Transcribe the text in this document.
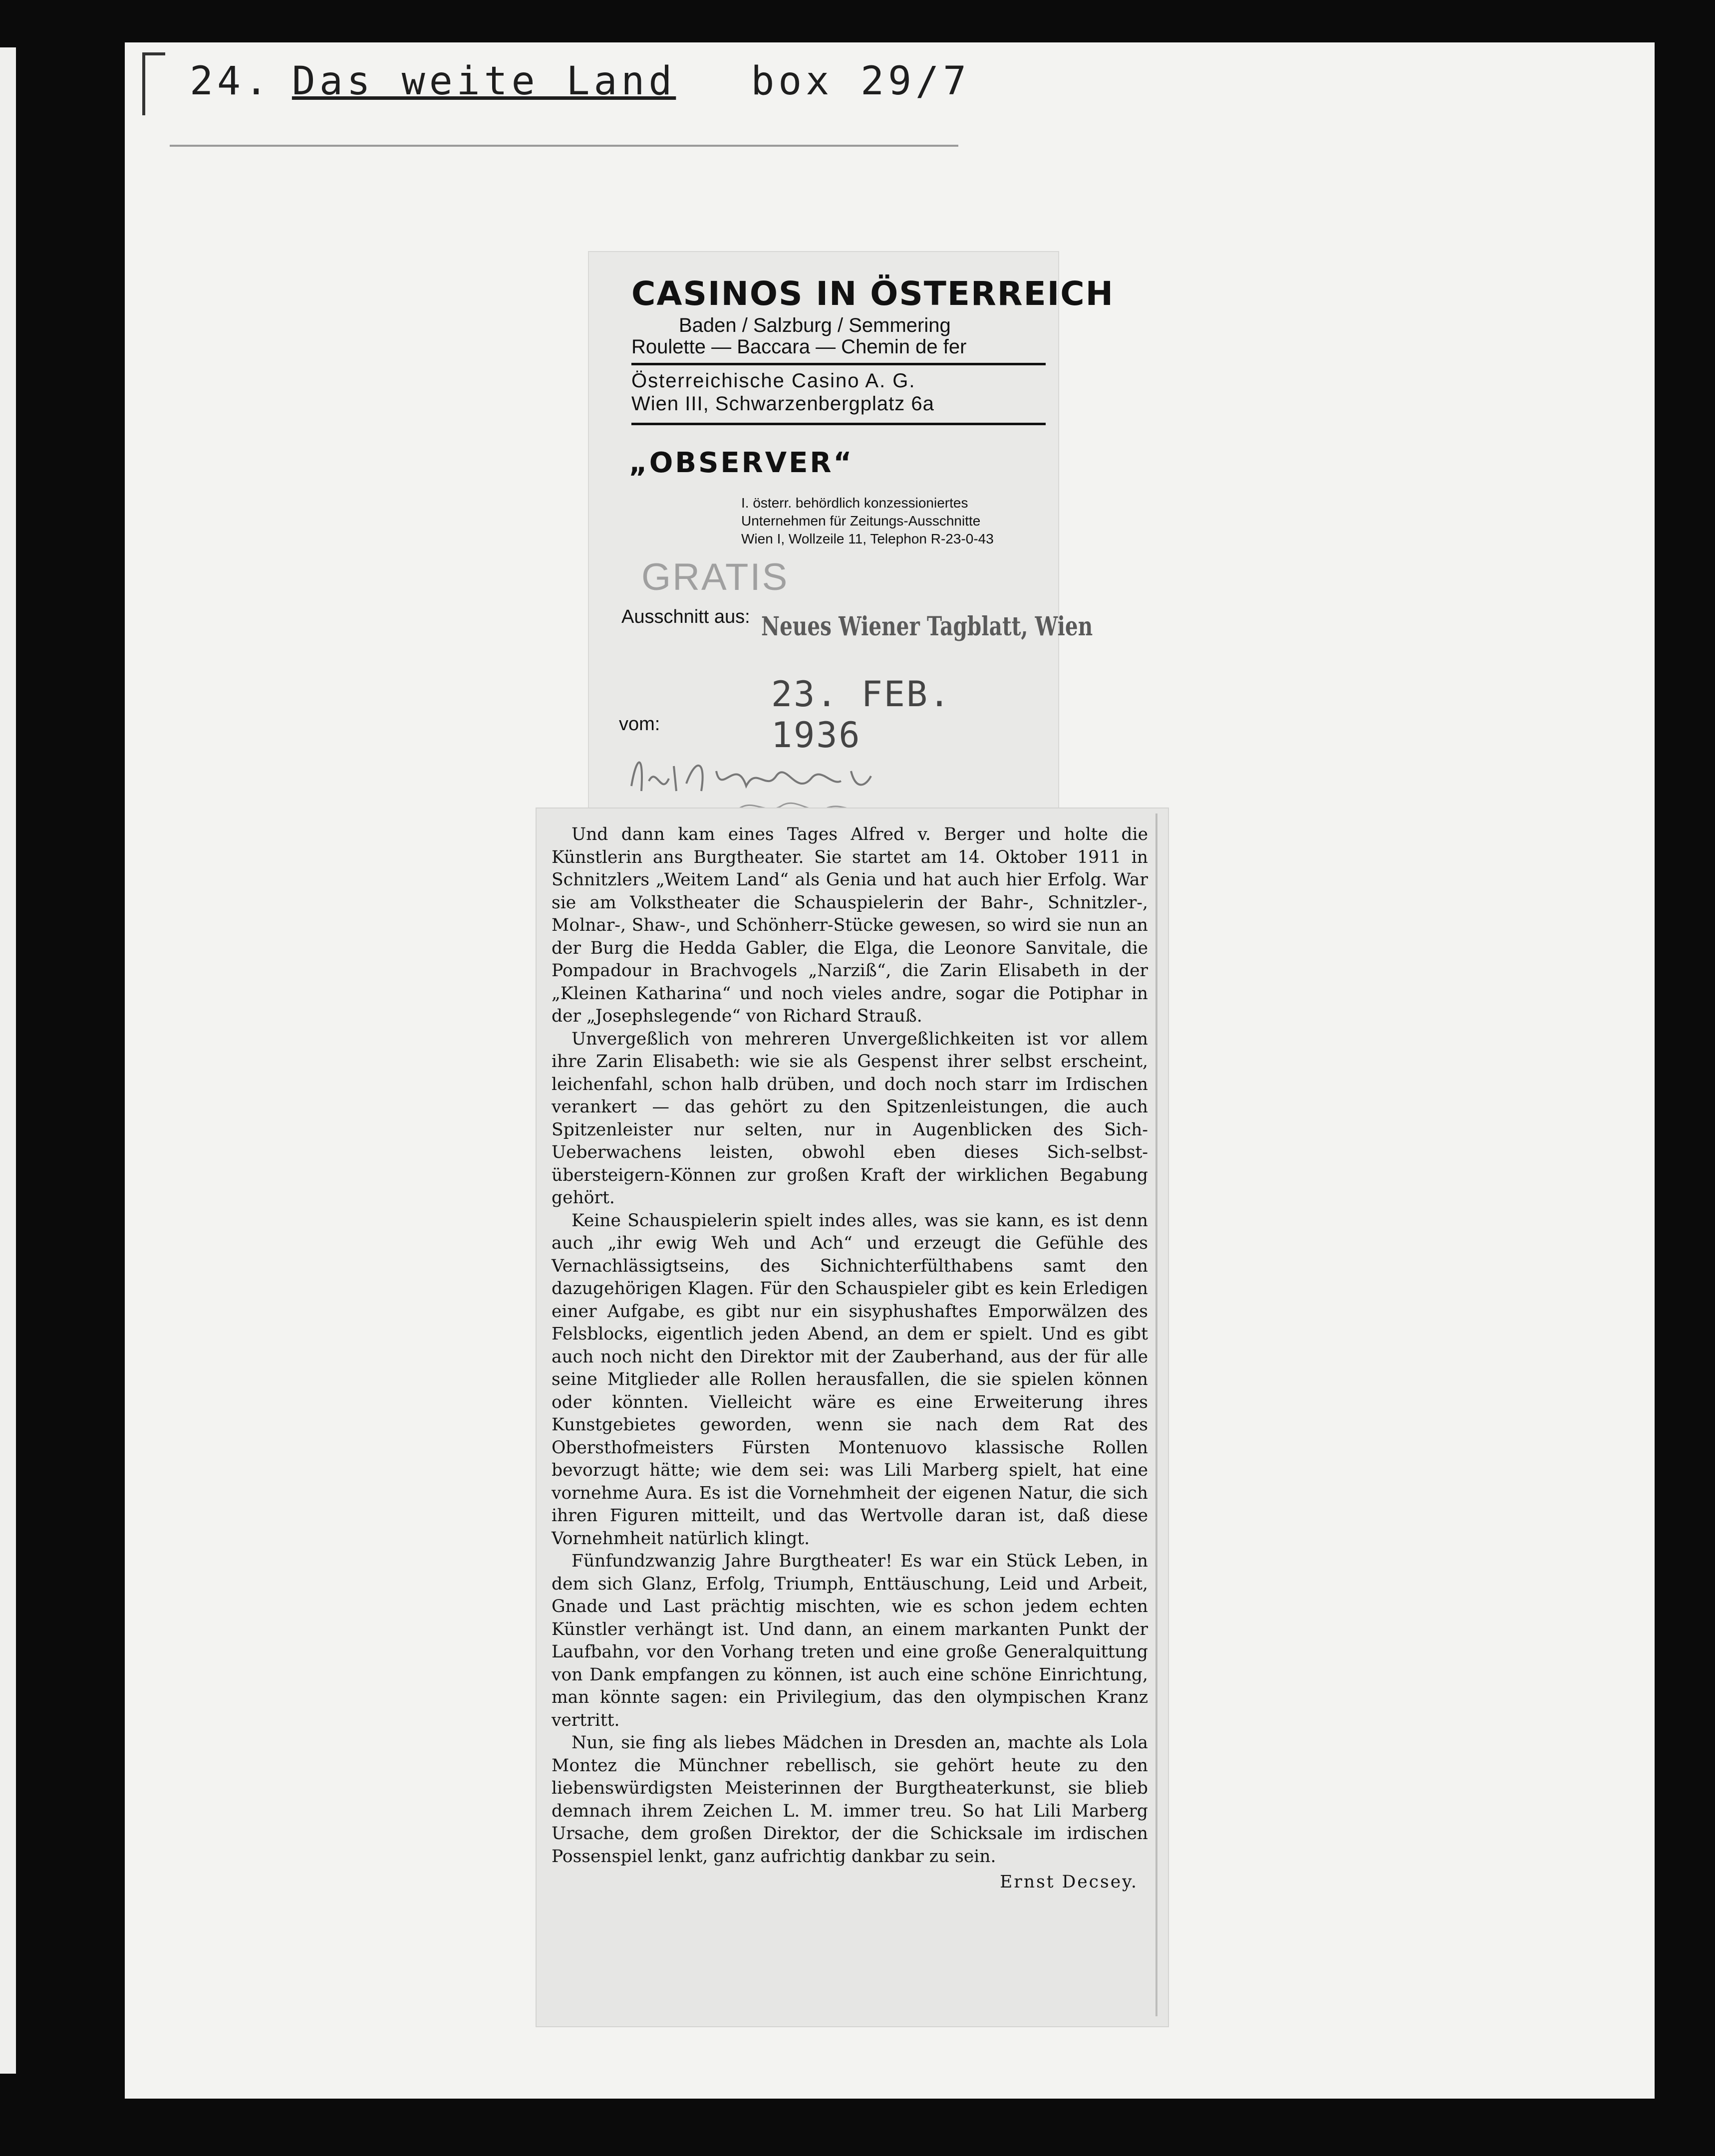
24. Das weite Land box 29/7
CASINOS IN ÖSTERREICH
Baden / Salzburg / Semmering
Roulette — Baccara — Chemin de fer
Österreichische Casino A. G.
Wien III, Schwarzenbergplatz 6a
„OBSERVER“
I. österr. behördlich konzessioniertes
Unternehmen für Zeitungs-Ausschnitte
Wien I, Wollzeile 11, Telephon R-23-0-43
GRATIS
Ausschnitt aus: Neues Wiener Tagblatt, Wien
23. FEB. 1936
vom:

Und dann kam eines Tages Alfred v. Berger und holte die Künstlerin ans Burgtheater. Sie startet am 14. Oktober 1911 in Schnitzlers „Weitem Land“ als Genia und hat auch hier Erfolg. War sie am Volkstheater die Schauspielerin der Bahr-, Schnitzler-, Molnar-, Shaw-, und Schönherr-Stücke gewesen, so wird sie nun an der Burg die Hedda Gabler, die Elga, die Leonore Sanvitale, die Pompadour in Brachvogels „Narziß“, die Zarin Elisabeth in der „Kleinen Katharina“ und noch vieles andre, sogar die Potiphar in der „Josephslegende“ von Richard Strauß.

Unvergeßlich von mehreren Unvergeßlichkeiten ist vor allem ihre Zarin Elisabeth: wie sie als Gespenst ihrer selbst erscheint, leichenfahl, schon halb drüben, und doch noch starr im Irdischen verankert — das gehört zu den Spitzenleistungen, die auch Spitzenleister nur selten, nur in Augenblicken des Sich-Ueberwachens leisten, obwohl eben dieses Sich-selbst-übersteigern-Können zur großen Kraft der wirklichen Begabung gehört.

Keine Schauspielerin spielt indes alles, was sie kann, es ist denn auch „ihr ewig Weh und Ach“ und erzeugt die Gefühle des Vernachlässigtseins, des Sichnichterfülthabens samt den dazugehörigen Klagen. Für den Schauspieler gibt es kein Erledigen einer Aufgabe, es gibt nur ein sisyphushaftes Emporwälzen des Felsblocks, eigentlich jeden Abend, an dem er spielt. Und es gibt auch noch nicht den Direktor mit der Zauberhand, aus der für alle seine Mitglieder alle Rollen herausfallen, die sie spielen können oder könnten. Vielleicht wäre es eine Erweiterung ihres Kunstgebietes geworden, wenn sie nach dem Rat des Obersthofmeisters Fürsten Montenuovo klassische Rollen bevorzugt hätte; wie dem sei: was Lili Marberg spielt, hat eine vornehme Aura. Es ist die Vornehmheit der eigenen Natur, die sich ihren Figuren mitteilt, und das Wertvolle daran ist, daß diese Vornehmheit natürlich klingt.

Fünfundzwanzig Jahre Burgtheater! Es war ein Stück Leben, in dem sich Glanz, Erfolg, Triumph, Enttäuschung, Leid und Arbeit, Gnade und Last prächtig mischten, wie es schon jedem echten Künstler verhängt ist. Und dann, an einem markanten Punkt der Laufbahn, vor den Vorhang treten und eine große Generalquittung von Dank empfangen zu können, ist auch eine schöne Einrichtung, man könnte sagen: ein Privilegium, das den olympischen Kranz vertritt.

Nun, sie fing als liebes Mädchen in Dresden an, machte als Lola Montez die Münchner rebellisch, sie gehört heute zu den liebenswürdigsten Meisterinnen der Burgtheaterkunst, sie blieb demnach ihrem Zeichen L. M. immer treu. So hat Lili Marberg Ursache, dem großen Direktor, der die Schicksale im irdischen Possenspiel lenkt, ganz aufrichtig dankbar zu sein.

Ernst Decsey.
